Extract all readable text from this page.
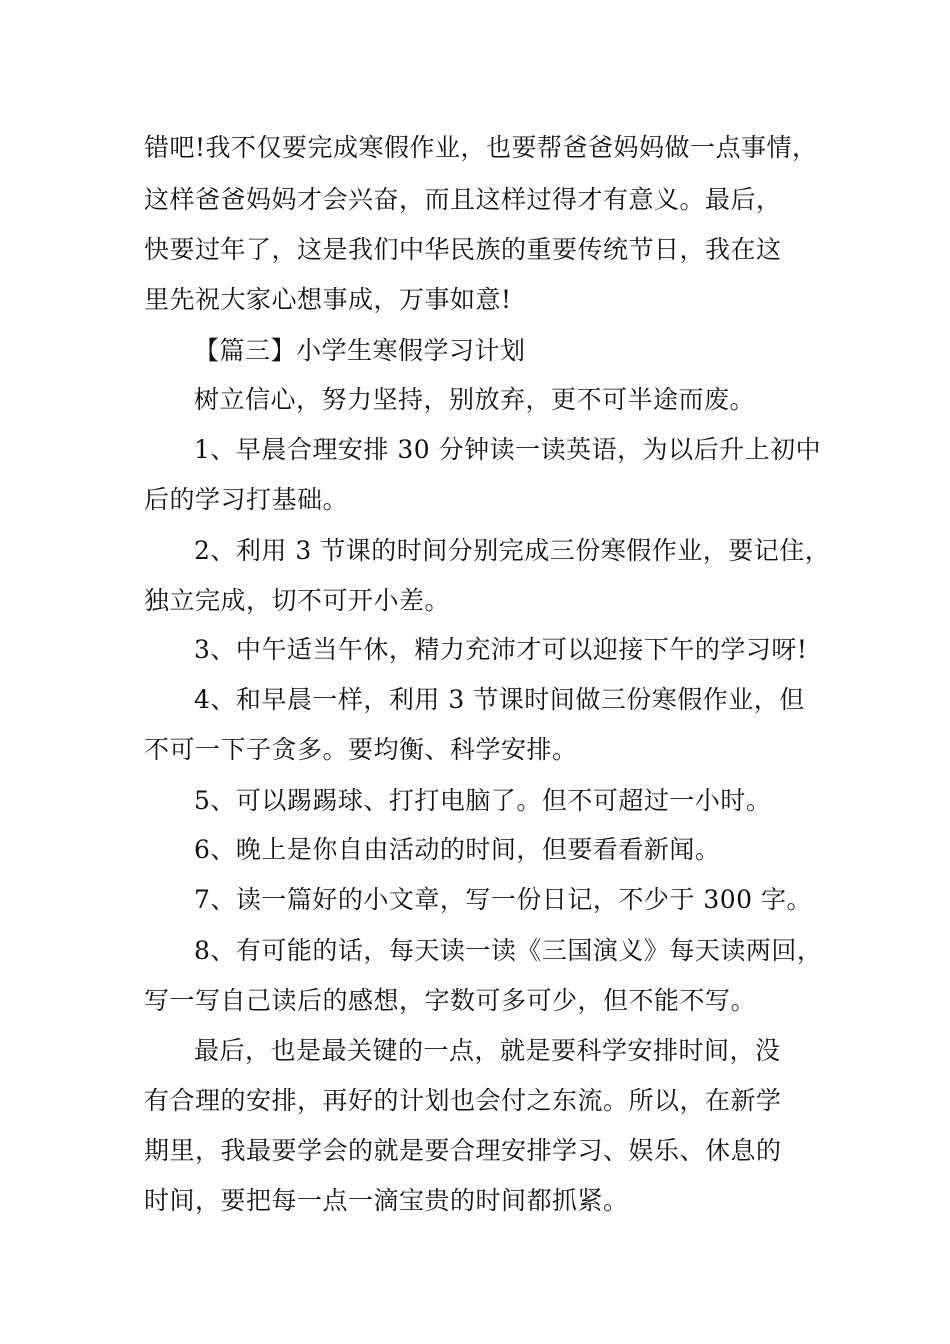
错吧!我不仅要完成寒假作业，也要帮爸爸妈妈做一点事情，
这样爸爸妈妈才会兴奋，而且这样过得才有意义。最后，
快要过年了，这是我们中华民族的重要传统节日，我在这
里先祝大家心想事成，万事如意!
【篇三】小学生寒假学习计划
树立信心，努力坚持，别放弃，更不可半途而废。
1、早晨合理安排 30 分钟读一读英语，为以后升上初中
后的学习打基础。
2、利用 3 节课的时间分别完成三份寒假作业，要记住，
独立完成，切不可开小差。
3、中午适当午休，精力充沛才可以迎接下午的学习呀!
4、和早晨一样，利用 3 节课时间做三份寒假作业，但
不可一下子贪多。要均衡、科学安排。
5、可以踢踢球、打打电脑了。但不可超过一小时。
6、晚上是你自由活动的时间，但要看看新闻。
7、读一篇好的小文章，写一份日记，不少于 300 字。
8、有可能的话，每天读一读《三国演义》每天读两回，
写一写自己读后的感想，字数可多可少，但不能不写。
最后，也是最关键的一点，就是要科学安排时间，没
有合理的安排，再好的计划也会付之东流。所以，在新学
期里，我最要学会的就是要合理安排学习、娱乐、休息的
时间，要把每一点一滴宝贵的时间都抓紧。
